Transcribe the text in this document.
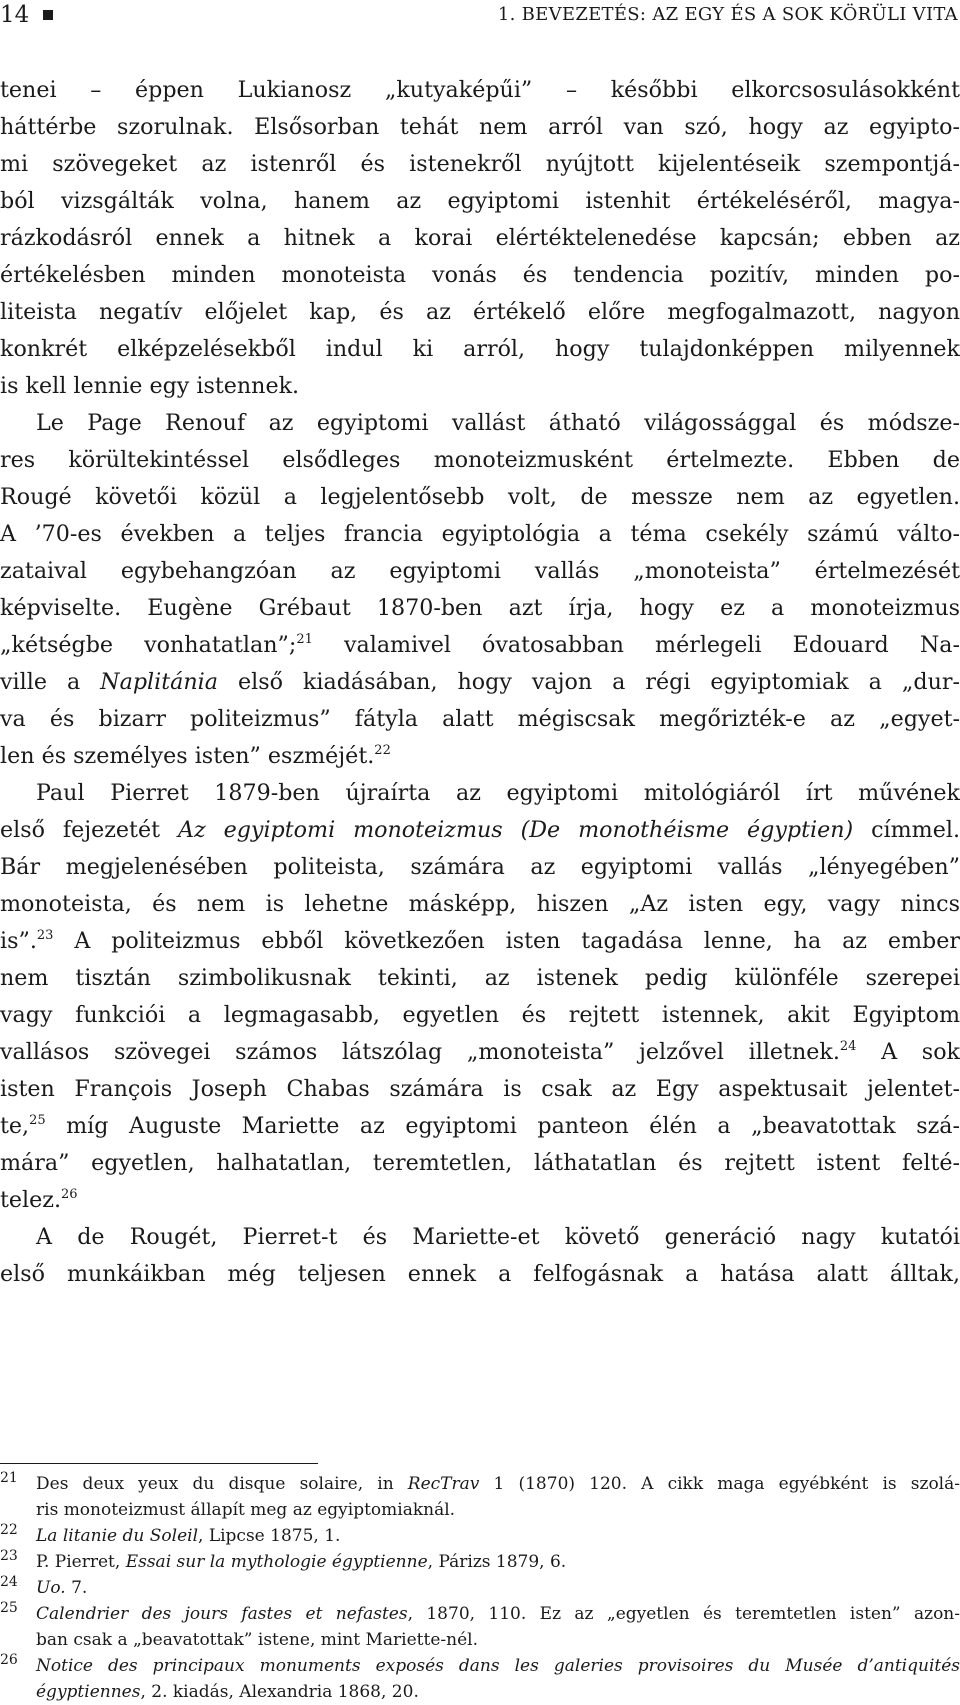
14	1. BEVEZETÉS: AZ EGY ÉS A SOK KÖRÜLI VITA
tenei – éppen Lukianosz „kutyaképűi” – későbbi elkorcsosulásokként
háttérbe szorulnak. Elsősorban tehát nem arról van szó, hogy az egyipto-
mi szövegeket az istenről és istenekről nyújtott kijelentéseik szempontjá-
ból vizsgálták volna, hanem az egyiptomi istenhit értékeléséről, magya-
rázkodásról ennek a hitnek a korai elértéktelenedése kapcsán; ebben az
értékelésben minden monoteista vonás és tendencia pozitív, minden po-
liteista negatív előjelet kap, és az értékelő előre megfogalmazott, nagyon
konkrét elképzelésekből indul ki arról, hogy tulajdonképpen milyennek
is kell lennie egy istennek.
Le Page Renouf az egyiptomi vallást átható világossággal és módsze-
res körültekintéssel elsődleges monoteizmusként értelmezte. Ebben de
Rougé követői közül a legjelentősebb volt, de messze nem az egyetlen.
A ’70-es években a teljes francia egyiptológia a téma csekély számú válto-
zataival egybehangzóan az egyiptomi vallás „monoteista” értelmezését
képviselte. Eugène Grébaut 1870-ben azt írja, hogy ez a monoteizmus
„kétségbe vonhatatlan”;$^{21}$ valamivel óvatosabban mérlegeli Edouard Na-
ville a Naplitánia első kiadásában, hogy vajon a régi egyiptomiak a „dur-
va és bizarr politeizmus” fátyla alatt mégiscsak megőrizték-e az „egyet-
len és személyes isten” eszméjét.$^{22}$
Paul Pierret 1879-ben újraírta az egyiptomi mitológiáról írt művének
első fejezetét Az egyiptomi monoteizmus (De monothéisme égyptien) címmel.
Bár megjelenésében politeista, számára az egyiptomi vallás „lényegében”
monoteista, és nem is lehetne másképp, hiszen „Az isten egy, vagy nincs
is”.$^{23}$ A politeizmus ebből következően isten tagadása lenne, ha az ember
nem tisztán szimbolikusnak tekinti, az istenek pedig különféle szerepei
vagy funkciói a legmagasabb, egyetlen és rejtett istennek, akit Egyiptom
vallásos szövegei számos látszólag „monoteista” jelzővel illetnek.$^{24}$ A sok
isten François Joseph Chabas számára is csak az Egy aspektusait jelentet-
te,$^{25}$ míg Auguste Mariette az egyiptomi panteon élén a „beavatottak szá-
mára” egyetlen, halhatatlan, teremtetlen, láthatatlan és rejtett istent felté-
telez.$^{26}$
A de Rougét, Pierret-t és Mariette-et követő generáció nagy kutatói
első munkáikban még teljesen ennek a felfogásnak a hatása alatt álltak,
21 Des deux yeux du disque solaire, in RecTrav 1 (1870) 120. A cikk maga egyébként is szolá-
ris monoteizmust állapít meg az egyiptomiaknál.
22 La litanie du Soleil, Lipcse 1875, 1.
23 P. Pierret, Essai sur la mythologie égyptienne, Párizs 1879, 6.
24 Uo. 7.
25 Calendrier des jours fastes et nefastes, 1870, 110. Ez az „egyetlen és teremtetlen isten” azon-
ban csak a „beavatottak” istene, mint Mariette-nél.
26 Notice des principaux monuments exposés dans les galeries provisoires du Musée d’antiquités
égyptiennes, 2. kiadás, Alexandria 1868, 20.
